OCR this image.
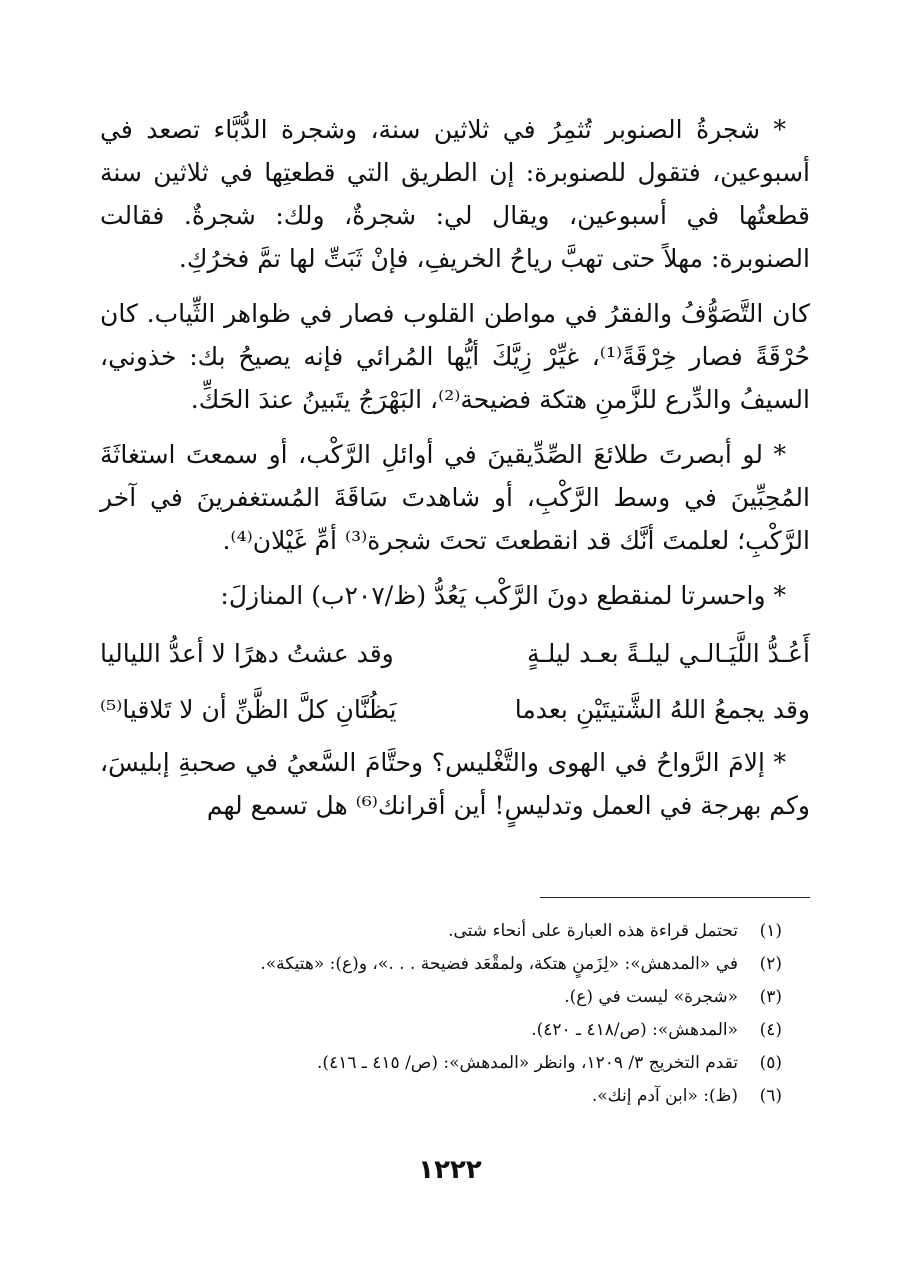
* شجرةُ الصنوبر تُثمِرُ في ثلاثين سنة، وشجرة الدُّبَّاء تصعد في أسبوعين، فتقول للصنوبرة: إن الطريق التي قطعتِها في ثلاثين سنة قطعتُها في أسبوعين، ويقال لي: شجرةٌ، ولك: شجرةٌ. فقالت الصنوبرة: مهلاً حتى تهبَّ رياحُ الخريفِ، فإنْ ثَبَتِّ لها تمَّ فخرُكِ.

كان التَّصَوُّفُ والفقرُ في مواطن القلوب فصار في ظواهر الثِّياب. كان حُرْقَةً فصار خِرْقَةً⁽¹⁾، غيِّرْ زِيَّكَ أيُّها المُرائي فإنه يصيحُ بك: خذوني، السيفُ والدِّرع للزَّمنِ هتكة فضيحة⁽²⁾، البَهْرَجُ يتَبينُ عندَ الحَكِّ.

* لو أبصرتَ طلائعَ الصِّدِّيقينَ في أوائلِ الرَّكْب، أو سمعتَ استغاثَةَ المُحِبِّينَ في وسط الرَّكْبِ، أو شاهدتَ سَاقَةَ المُستغفرينَ في آخر الرَّكْبِ؛ لعلمتَ أنَّك قد انقطعتَ تحتَ شجرة⁽³⁾ أمِّ غَيْلان⁽⁴⁾.

* واحسرتا لمنقطع دونَ الرَّكْب يَعُدُّ (ظ/٢٠٧ب) المنازلَ:

أَعُـدُّ اللَّيَـالـي ليلـةً بعـد ليلـةٍ
وقد عشتُ دهرًا لا أعدُّ اللياليا
وقد يجمعُ اللهُ الشَّتيتَيْنِ بعدما
يَظُنَّانِ كلَّ الظَّنِّ أن لا تَلاقيا⁽⁵⁾

* إلامَ الرَّواحُ في الهوى والتَّغْليس؟ وحتَّامَ السَّعيُ في صحبةِ إبليسَ، وكم بهرجة في العمل وتدليسٍ! أين أقرانك⁽⁶⁾ هل تسمع لهم

(١)
تحتمل قراءة هذه العبارة على أنحاء شتى.
(٢)
في «المدهش»: «لِزَمنٍ هتكة، ولمقْعَد فضيحة . . .»، و(ع): «هتيكة».
(٣)
«شجرة» ليست في (ع).
(٤)
«المدهش»: (ص/٤١٨ ـ ٤٢٠).
(٥)
تقدم التخريج ٣/ ١٢٠٩، وانظر «المدهش»: (ص/ ٤١٥ ـ ٤١٦).
(٦)
(ظ): «ابن آدم إنك».
١٢٢٢
